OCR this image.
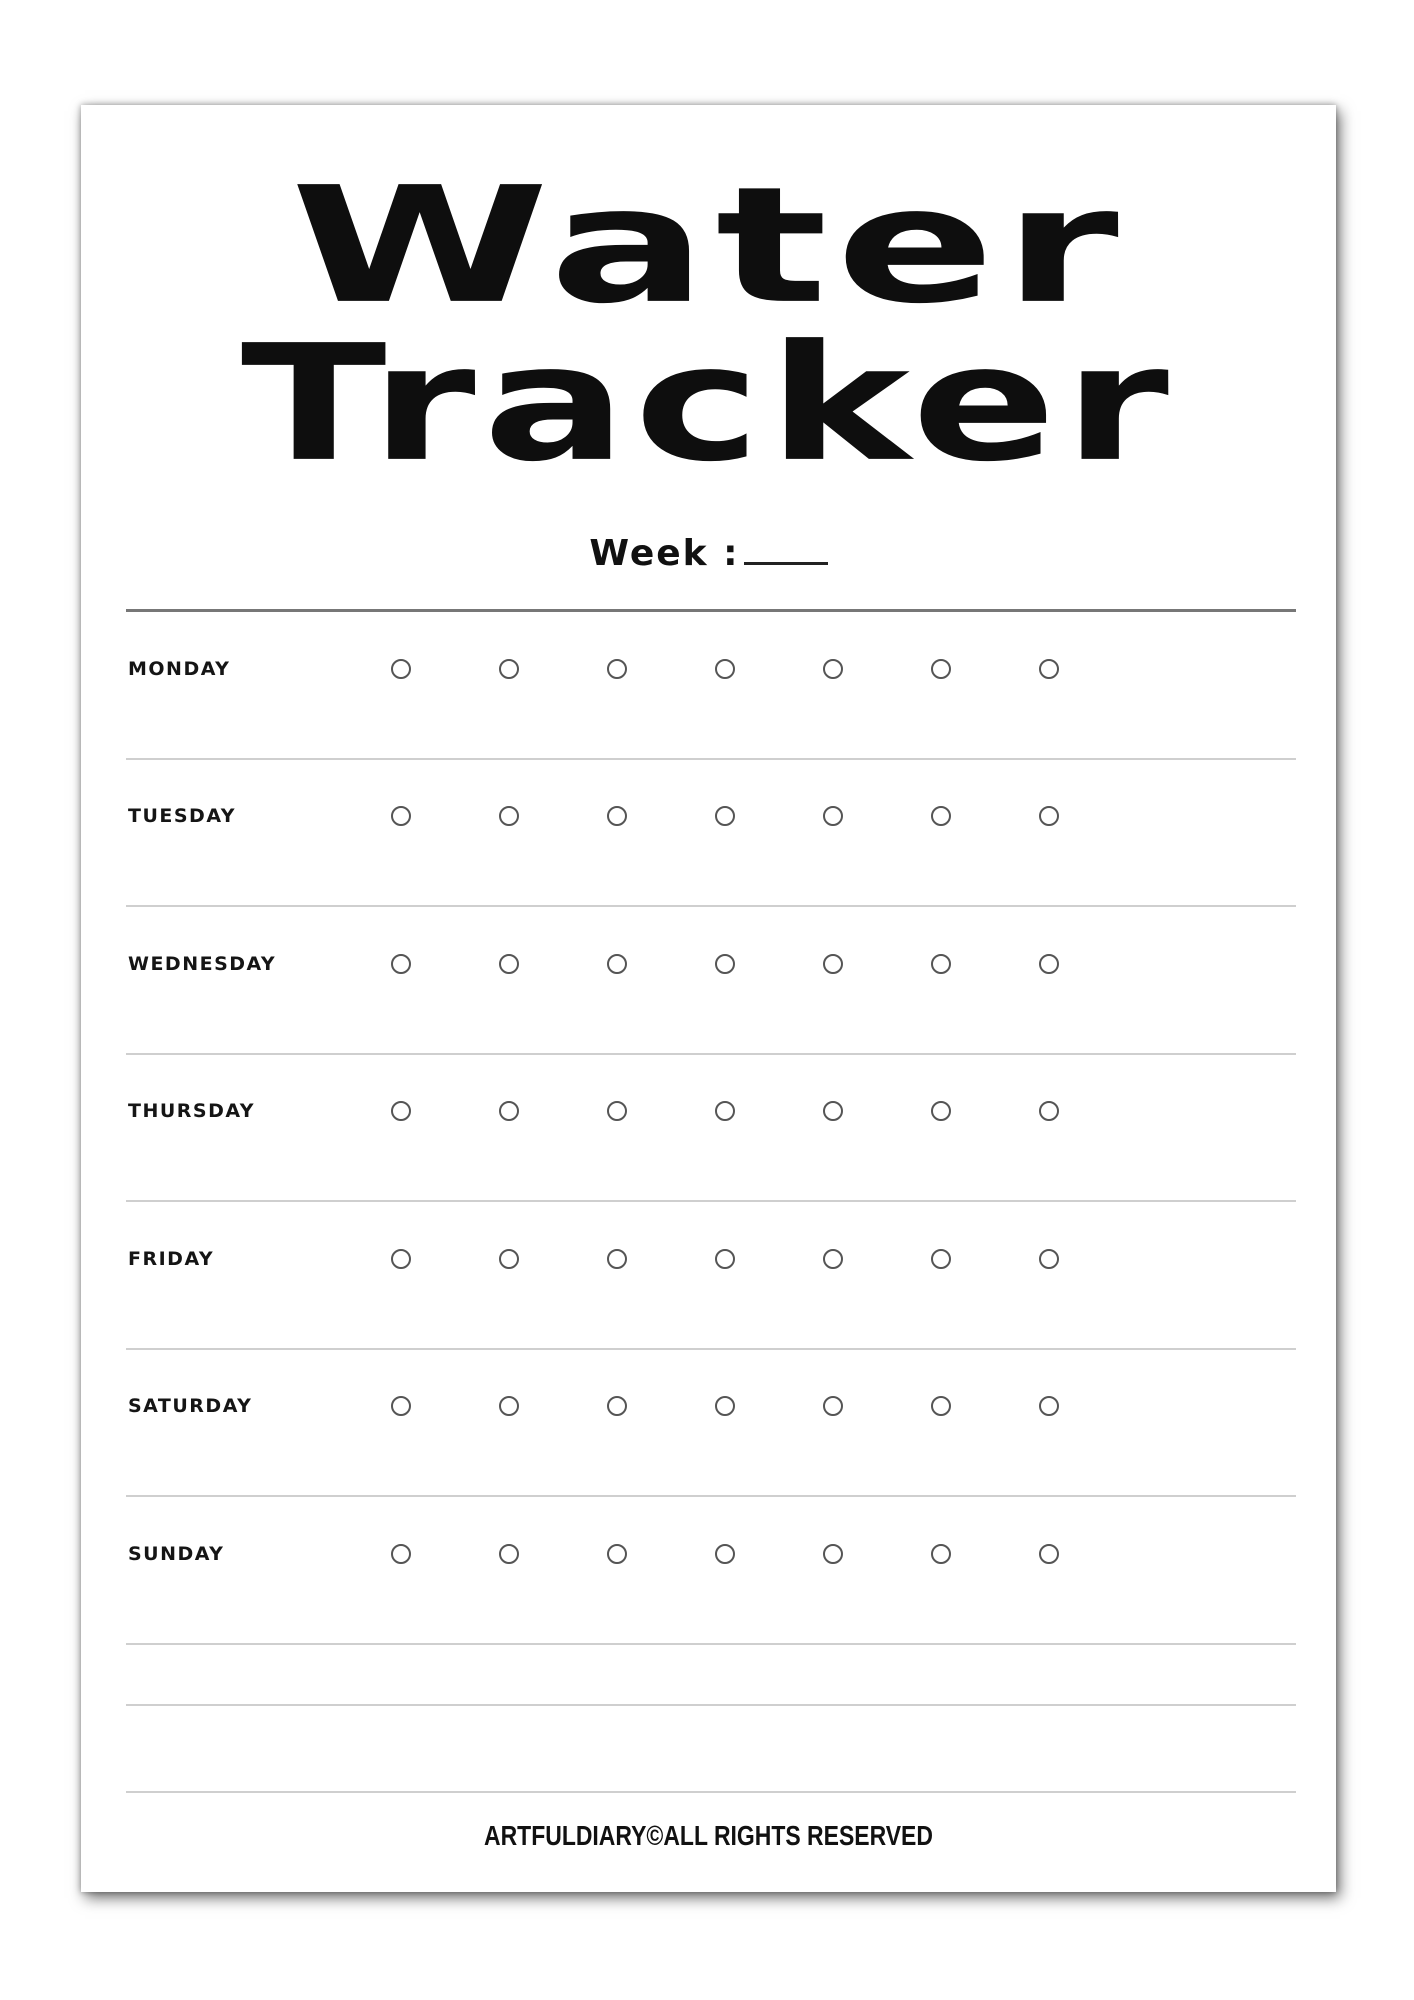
Water
Tracker
Week :
MONDAY
TUESDAY
WEDNESDAY
THURSDAY
FRIDAY
SATURDAY
SUNDAY
ARTFULDIARY©ALL RIGHTS RESERVED
